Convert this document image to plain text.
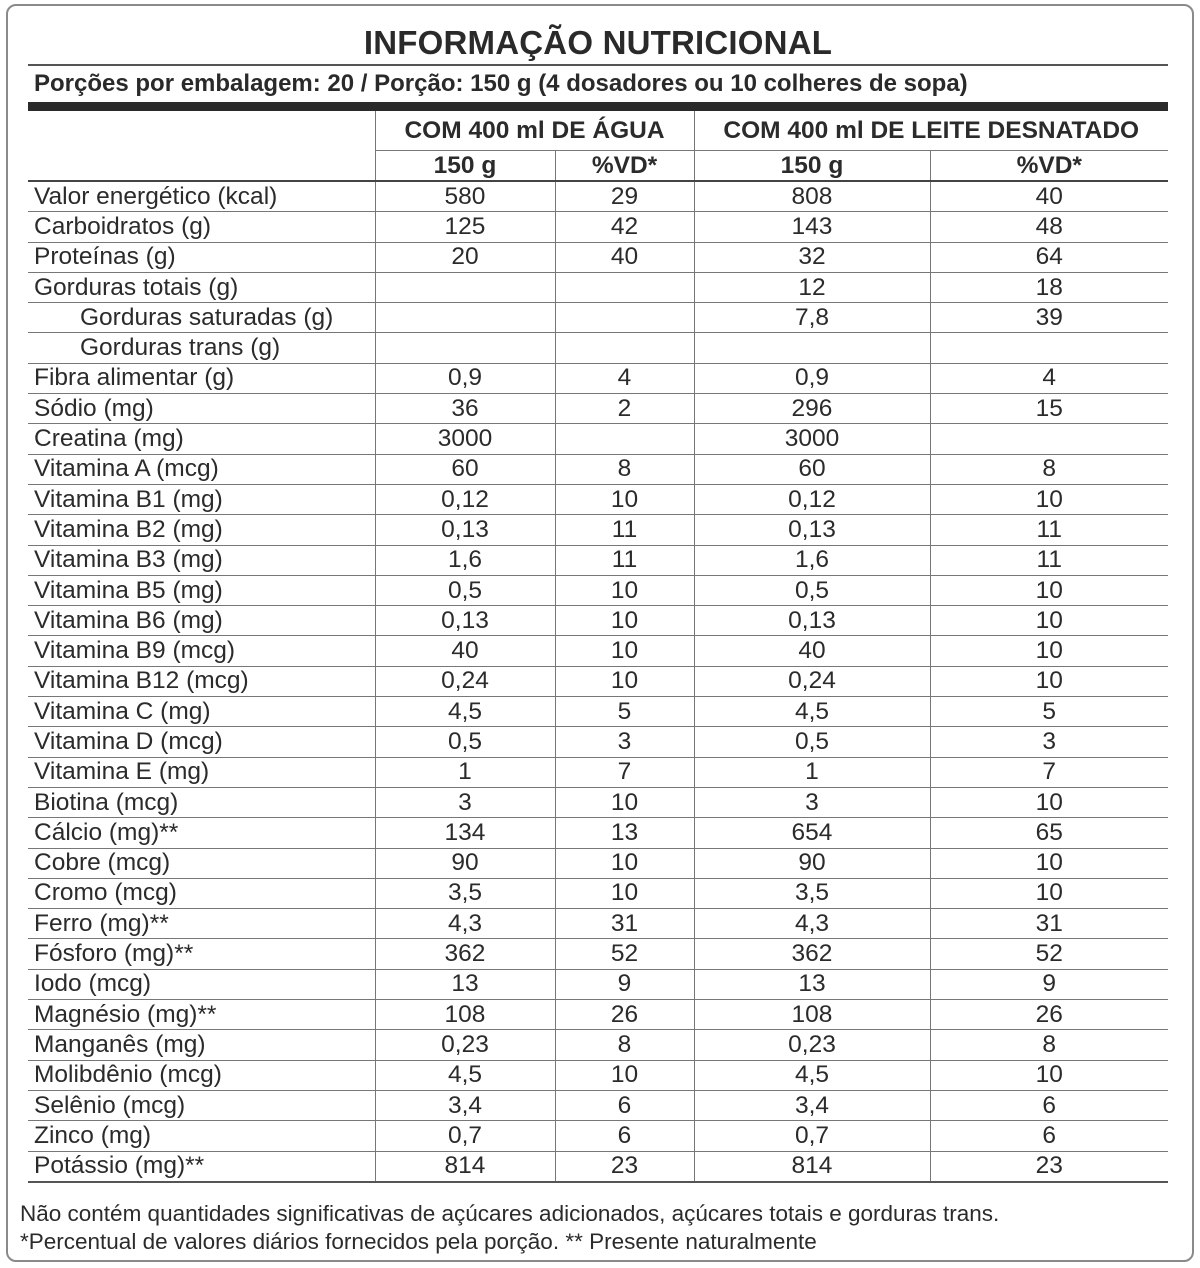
INFORMAÇÃO NUTRICIONAL
Porções por embalagem: 20 / Porção: 150 g (4 dosadores ou 10 colheres de sopa)
	COM 400 ml DE ÁGUA		COM 400 ml DE LEITE DESNATADO	
	150 g	%VD*	150 g	%VD*
Valor energético (kcal)	580	29	808	40
Carboidratos (g)	125	42	143	48
Proteínas (g)	20	40	32	64
Gorduras totais (g)			12	18
Gorduras saturadas (g)			7,8	39
Gorduras trans (g)				
Fibra alimentar (g)	0,9	4	0,9	4
Sódio (mg)	36	2	296	15
Creatina (mg)	3000		3000	
Vitamina A (mcg)	60	8	60	8
Vitamina B1 (mg)	0,12	10	0,12	10
Vitamina B2 (mg)	0,13	11	0,13	11
Vitamina B3 (mg)	1,6	11	1,6	11
Vitamina B5 (mg)	0,5	10	0,5	10
Vitamina B6 (mg)	0,13	10	0,13	10
Vitamina B9 (mcg)	40	10	40	10
Vitamina B12 (mcg)	0,24	10	0,24	10
Vitamina C (mg)	4,5	5	4,5	5
Vitamina D (mcg)	0,5	3	0,5	3
Vitamina E (mg)	1	7	1	7
Biotina (mcg)	3	10	3	10
Cálcio (mg)**	134	13	654	65
Cobre (mcg)	90	10	90	10
Cromo (mcg)	3,5	10	3,5	10
Ferro (mg)**	4,3	31	4,3	31
Fósforo (mg)**	362	52	362	52
Iodo (mcg)	13	9	13	9
Magnésio (mg)**	108	26	108	26
Manganês (mg)	0,23	8	0,23	8
Molibdênio (mcg)	4,5	10	4,5	10
Selênio (mcg)	3,4	6	3,4	6
Zinco (mg)	0,7	6	0,7	6
Potássio (mg)**	814	23	814	23
Não contém quantidades significativas de açúcares adicionados, açúcares totais e gorduras trans.
*Percentual de valores diários fornecidos pela porção. ** Presente naturalmente
